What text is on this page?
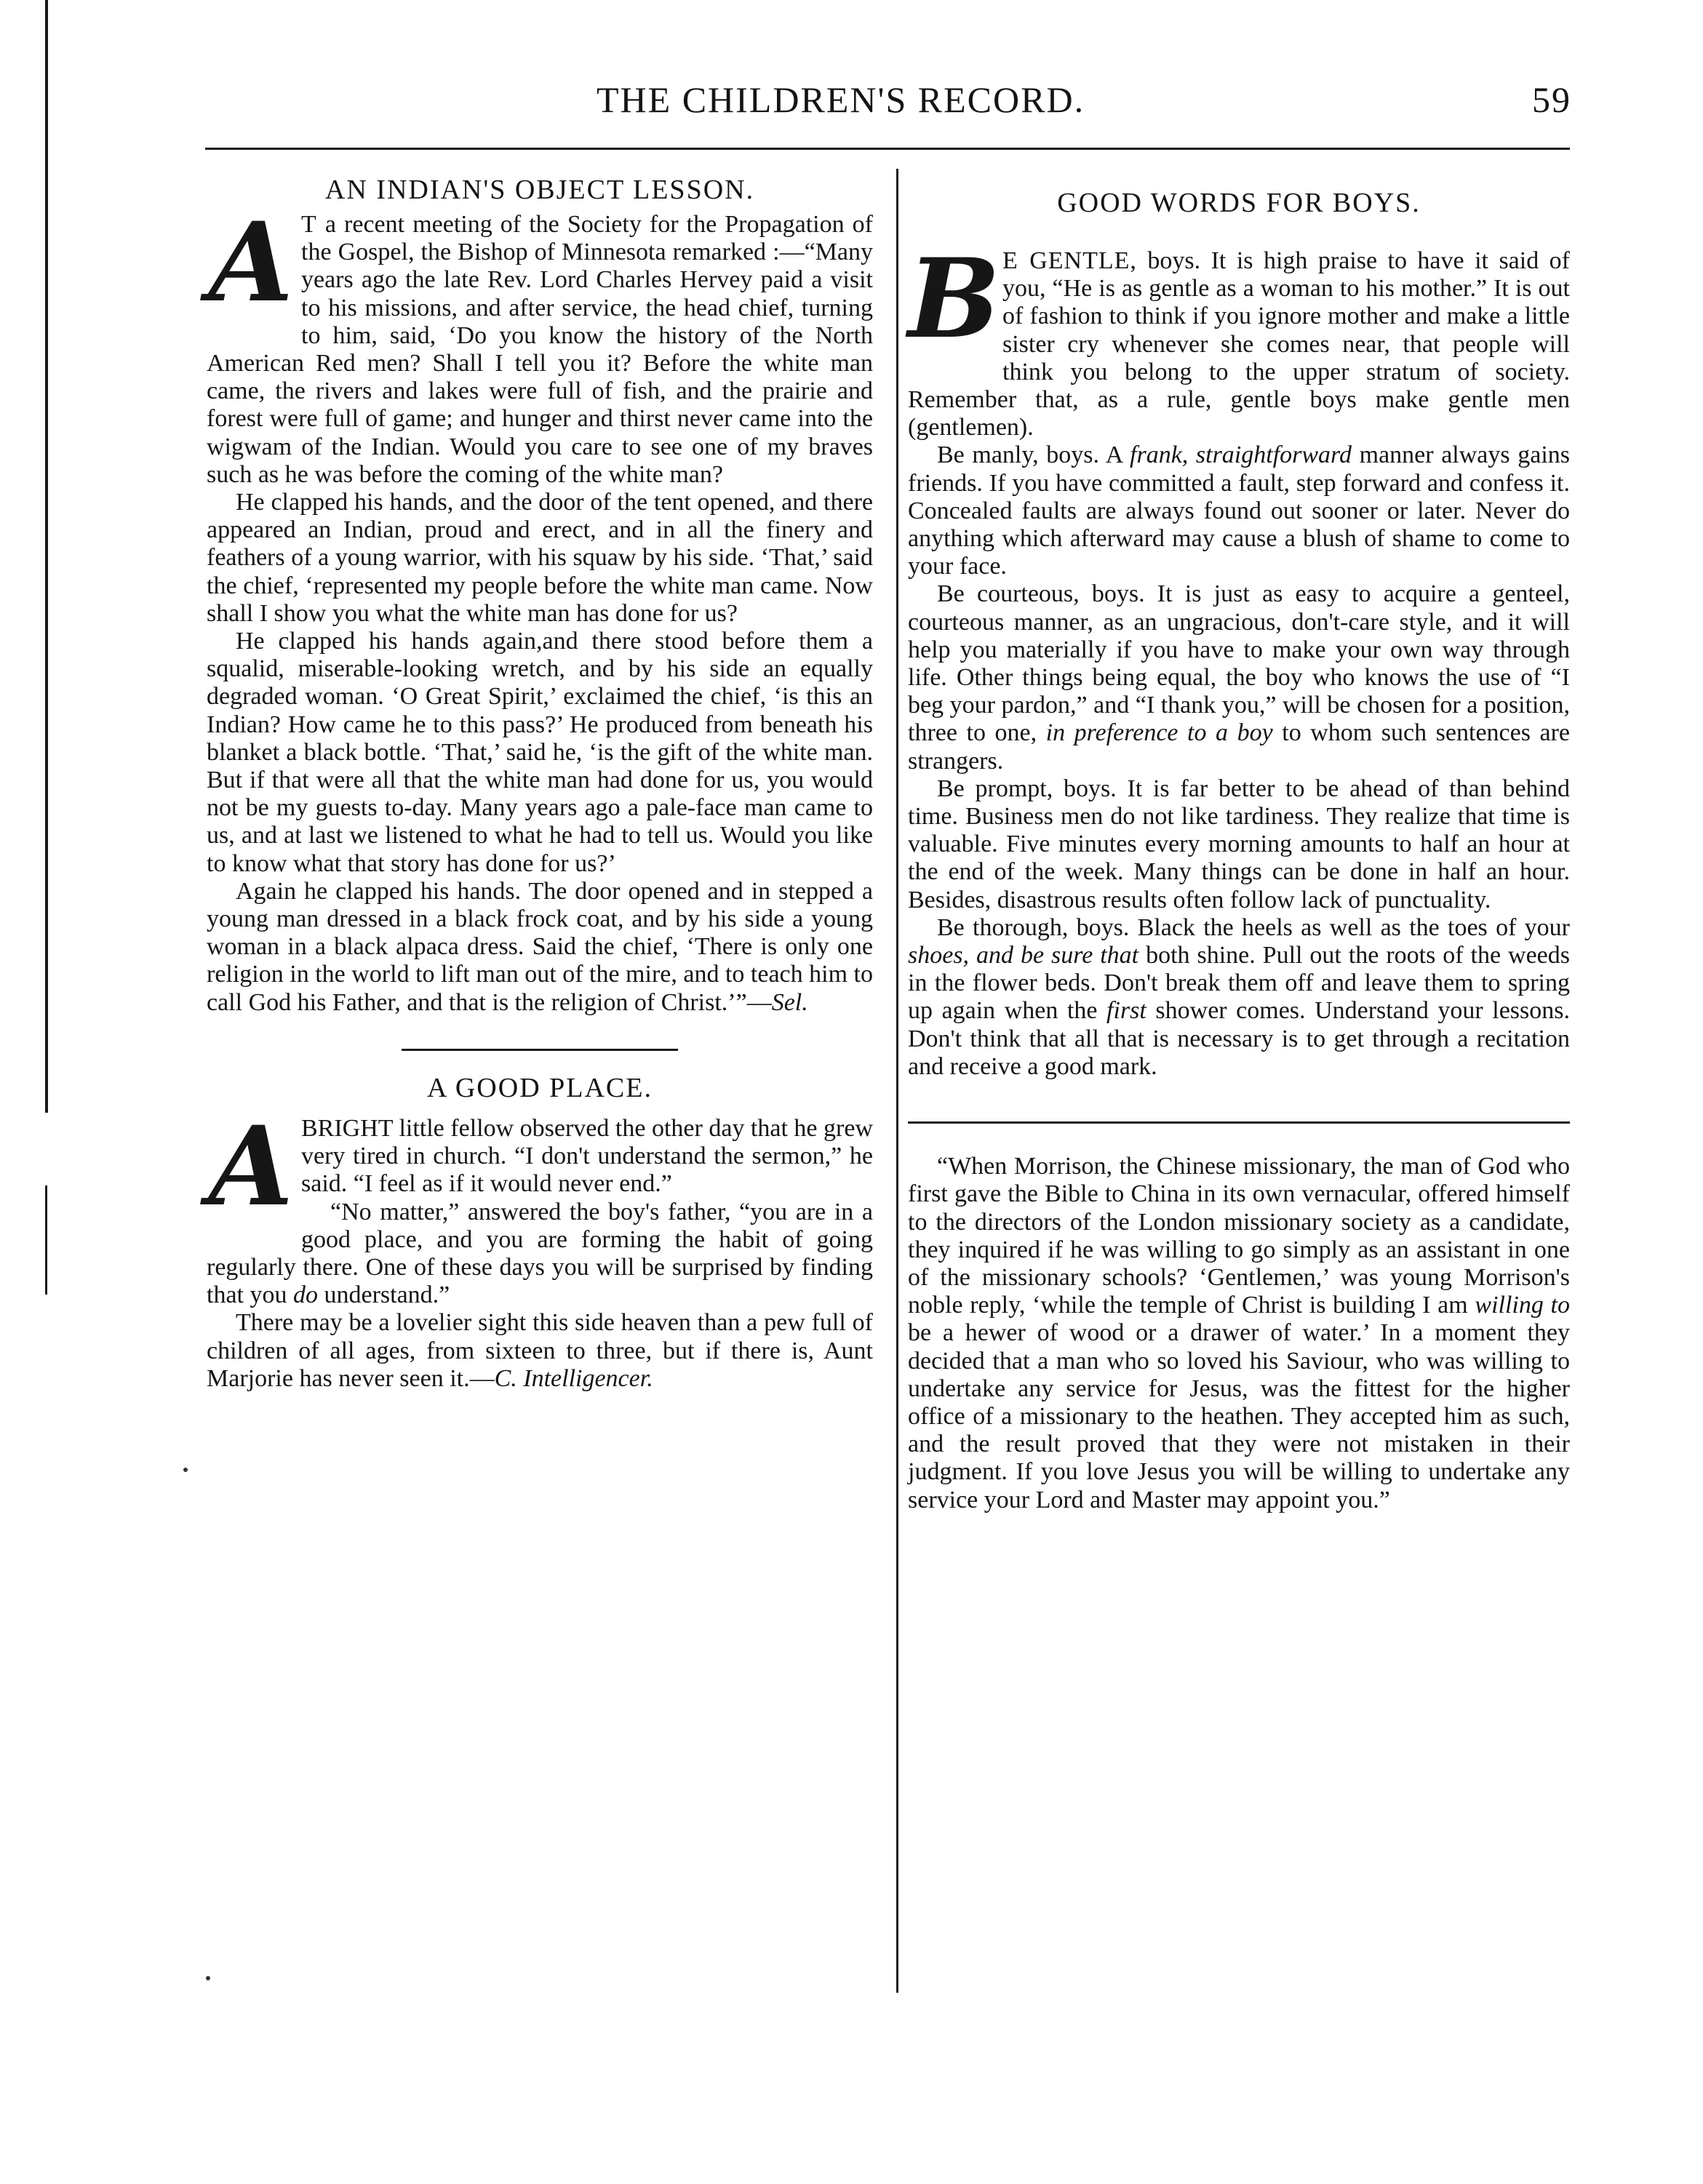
THE CHILDREN'S RECORD.	59
AN INDIAN'S OBJECT LESSON.

A T a recent meeting of the Society for the Propagation of the Gospel, the Bishop of Minnesota remarked :—“Many years ago the late Rev. Lord Charles Hervey paid a visit to his missions, and after service, the head chief, turning to him, said, ‘Do you know the history of the North American Red men? Shall I tell you it? Before the white man came, the rivers and lakes were full of fish, and the prairie and forest were full of game; and hunger and thirst never came into the wigwam of the Indian. Would you care to see one of my braves such as he was before the coming of the white man?

He clapped his hands, and the door of the tent opened, and there appeared an Indian, proud and erect, and in all the finery and feathers of a young warrior, with his squaw by his side. ‘That,’ said the chief, ‘represented my people before the white man came. Now shall I show you what the white man has done for us?

He clapped his hands again,and there stood before them a squalid, miserable-looking wretch, and by his side an equally degraded woman. ‘O Great Spirit,’ exclaimed the chief, ‘is this an Indian? How came he to this pass?’ He produced from beneath his blanket a black bottle. ‘That,’ said he, ‘is the gift of the white man. But if that were all that the white man had done for us, you would not be my guests to-day. Many years ago a pale-face man came to us, and at last we listened to what he had to tell us. Would you like to know what that story has done for us?’

Again he clapped his hands. The door opened and in stepped a young man dressed in a black frock coat, and by his side a young woman in a black alpaca dress. Said the chief, ‘There is only one religion in the world to lift man out of the mire, and to teach him to call God his Father, and that is the religion of Christ.’”—Sel.

A GOOD PLACE.

ABRIGHT little fellow observed the other day that he grew very tired in church. “I don't understand the sermon,” he said. “I feel as if it would never end.”

“No matter,” answered the boy's father, “you are in a good place, and you are forming the habit of going regularly there. One of these days you will be surprised by finding that you do understand.”

There may be a lovelier sight this side heaven than a pew full of children of all ages, from sixteen to three, but if there is, Aunt Marjorie has never seen it.—C. Intelligencer.

GOOD WORDS FOR BOYS.

B E GENTLE, boys. It is high praise to have it said of you, “He is as gentle as a woman to his mother.” It is out of fashion to think if you ignore mother and make a little sister cry whenever she comes near, that people will think you belong to the upper stratum of society. Remember that, as a rule, gentle boys make gentle men (gentlemen).

Be manly, boys. A frank, straightforward manner always gains friends. If you have committed a fault, step forward and confess it. Concealed faults are always found out sooner or later. Never do anything which afterward may cause a blush of shame to come to your face.

Be courteous, boys. It is just as easy to acquire a genteel, courteous manner, as an ungracious, don't-care style, and it will help you materially if you have to make your own way through life. Other things being equal, the boy who knows the use of “I beg your pardon,” and “I thank you,” will be chosen for a position, three to one, in preference to a boy to whom such sentences are strangers.

Be prompt, boys. It is far better to be ahead of than behind time. Business men do not like tardiness. They realize that time is valuable. Five minutes every morning amounts to half an hour at the end of the week. Many things can be done in half an hour. Besides, disastrous results often follow lack of punctuality.

Be thorough, boys. Black the heels as well as the toes of your shoes, and be sure that both shine. Pull out the roots of the weeds in the flower beds. Don't break them off and leave them to spring up again when the first shower comes. Understand your lessons. Don't think that all that is necessary is to get through a recitation and receive a good mark.

“When Morrison, the Chinese missionary, the man of God who first gave the Bible to China in its own vernacular, offered himself to the directors of the London missionary society as a candidate, they inquired if he was willing to go simply as an assistant in one of the missionary schools? ‘Gentlemen,’ was young Morrison's noble reply, ‘while the temple of Christ is building I am willing to be a hewer of wood or a drawer of water.’ In a moment they decided that a man who so loved his Saviour, who was willing to undertake any service for Jesus, was the fittest for the higher office of a missionary to the heathen. They accepted him as such, and the result proved that they were not mistaken in their judgment. If you love Jesus you will be willing to undertake any service your Lord and Master may appoint you.”
